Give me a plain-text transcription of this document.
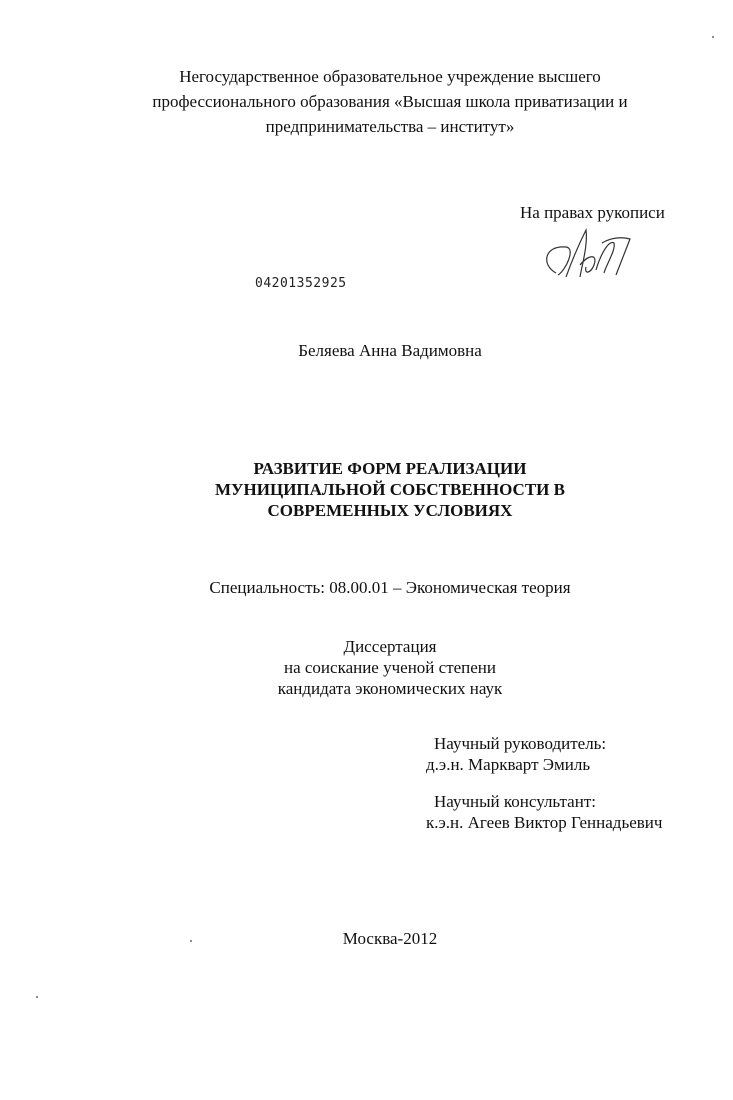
Негосударственное образовательное учреждение высшего
профессионального образования «Высшая школа приватизации и
предпринимательства – институт»
На правах рукописи
04201352925
Беляева Анна Вадимовна
РАЗВИТИЕ ФОРМ РЕАЛИЗАЦИИ
МУНИЦИПАЛЬНОЙ СОБСТВЕННОСТИ В
СОВРЕМЕННЫХ УСЛОВИЯХ
Специальность: 08.00.01 – Экономическая теория
Диссертация
на соискание ученой степени
кандидата экономических наук
Научный руководитель:
д.э.н. Маркварт Эмиль
Научный консультант:
к.э.н. Агеев Виктор Геннадьевич
Москва-2012
